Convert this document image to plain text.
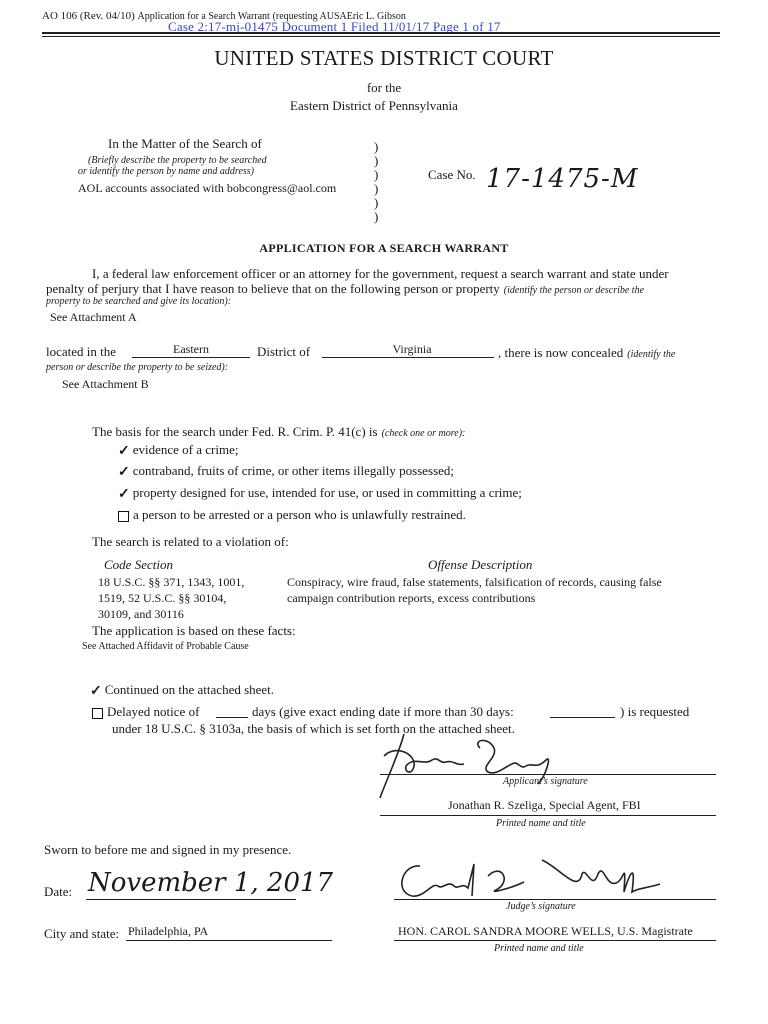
AO 106 (Rev. 04/10) Application for a Search Warrant (requesting AUSAEric L. Gibson
Case 2:17-mj-01475 Document 1 Filed 11/01/17 Page 1 of 17
UNITED STATES DISTRICT COURT
for the
Eastern District of Pennsylvania
In the Matter of the Search of
(Briefly describe the property to be searched
or identify the person by name and address)
AOL accounts associated with bobcongress@aol.com
)
)
)
)
)
)
Case No. 17-1475-M
APPLICATION FOR A SEARCH WARRANT
I, a federal law enforcement officer or an attorney for the government, request a search warrant and state under
penalty of perjury that I have reason to believe that on the following person or property (identify the person or describe the
property to be searched and give its location):
See Attachment A
located in the	Eastern	District of	Virginia	, there is now concealed (identify the
person or describe the property to be seized):
See Attachment B
The basis for the search under Fed. R. Crim. P. 41(c) is (check one or more):
✓ evidence of a crime;
✓ contraband, fruits of crime, or other items illegally possessed;
✓ property designed for use, intended for use, or used in committing a crime;
a person to be arrested or a person who is unlawfully restrained.
The search is related to a violation of:
Code Section	Offense Description
18 U.S.C. §§ 371, 1343, 1001,
1519, 52 U.S.C. §§ 30104,
30109, and 30116
Conspiracy, wire fraud, false statements, falsification of records, causing false
campaign contribution reports, excess contributions
The application is based on these facts:
See Attached Affidavit of Probable Cause
✓ Continued on the attached sheet.
Delayed notice of	days (give exact ending date if more than 30 days:	) is requested
under 18 U.S.C. § 3103a, the basis of which is set forth on the attached sheet.
Applicant’s signature
Jonathan R. Szeliga, Special Agent, FBI
Printed name and title
Sworn to before me and signed in my presence.
Date: November 1, 2017
Judge’s signature
City and state: Philadelphia, PA	HON. CAROL SANDRA MOORE WELLS, U.S. Magistrate
Printed name and title
